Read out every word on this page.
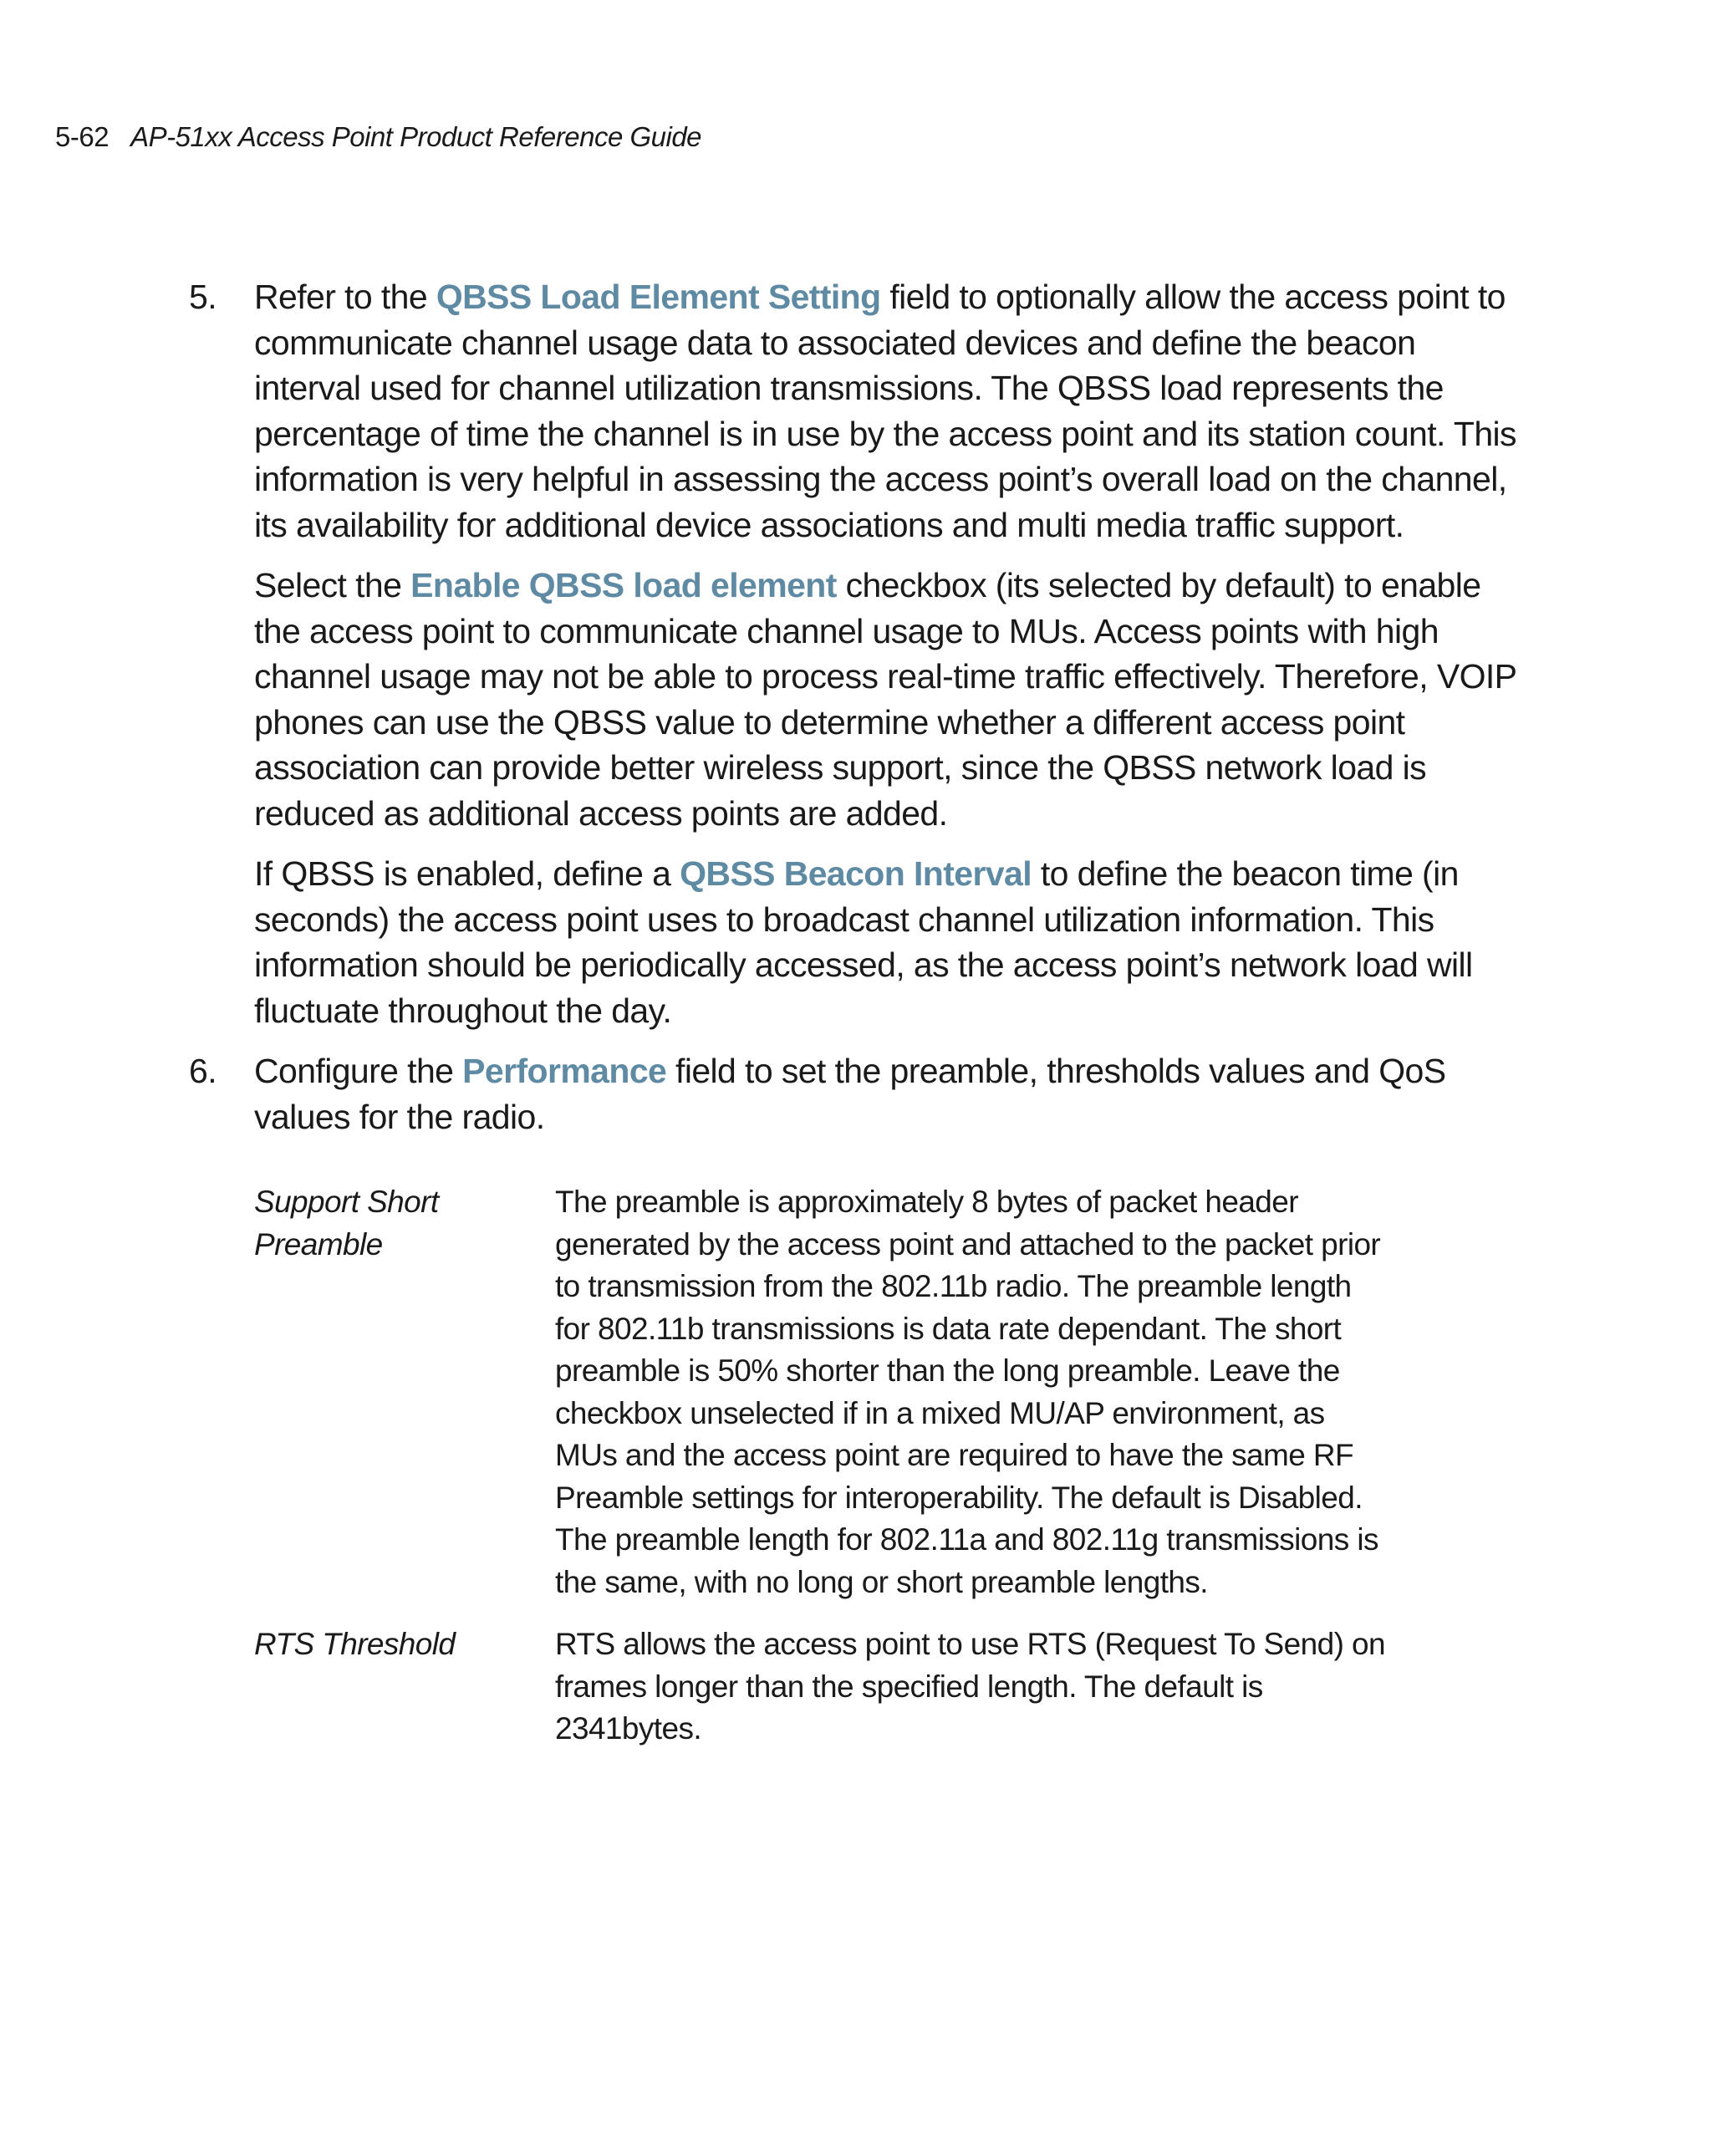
5-62 AP-51xx Access Point Product Reference Guide
5. Refer to the QBSS Load Element Setting field to optionally allow the access point to communicate channel usage data to associated devices and define the beacon interval used for channel utilization transmissions. The QBSS load represents the percentage of time the channel is in use by the access point and its station count. This information is very helpful in assessing the access point’s overall load on the channel, its availability for additional device associations and multi media traffic support.

Select the Enable QBSS load element checkbox (its selected by default) to enable the access point to communicate channel usage to MUs. Access points with high channel usage may not be able to process real-time traffic effectively. Therefore, VOIP phones can use the QBSS value to determine whether a different access point association can provide better wireless support, since the QBSS network load is reduced as additional access points are added.

If QBSS is enabled, define a QBSS Beacon Interval to define the beacon time (in seconds) the access point uses to broadcast channel utilization information. This information should be periodically accessed, as the access point’s network load will fluctuate throughout the day.

6. Configure the Performance field to set the preamble, thresholds values and QoS values for the radio.

Support Short Preamble
The preamble is approximately 8 bytes of packet header generated by the access point and attached to the packet prior to transmission from the 802.11b radio. The preamble length for 802.11b transmissions is data rate dependant. The short preamble is 50% shorter than the long preamble. Leave the checkbox unselected if in a mixed MU/AP environment, as MUs and the access point are required to have the same RF Preamble settings for interoperability. The default is Disabled. The preamble length for 802.11a and 802.11g transmissions is the same, with no long or short preamble lengths.
RTS Threshold	RTS allows the access point to use RTS (Request To Send) on frames longer than the specified length. The default is 2341bytes.
